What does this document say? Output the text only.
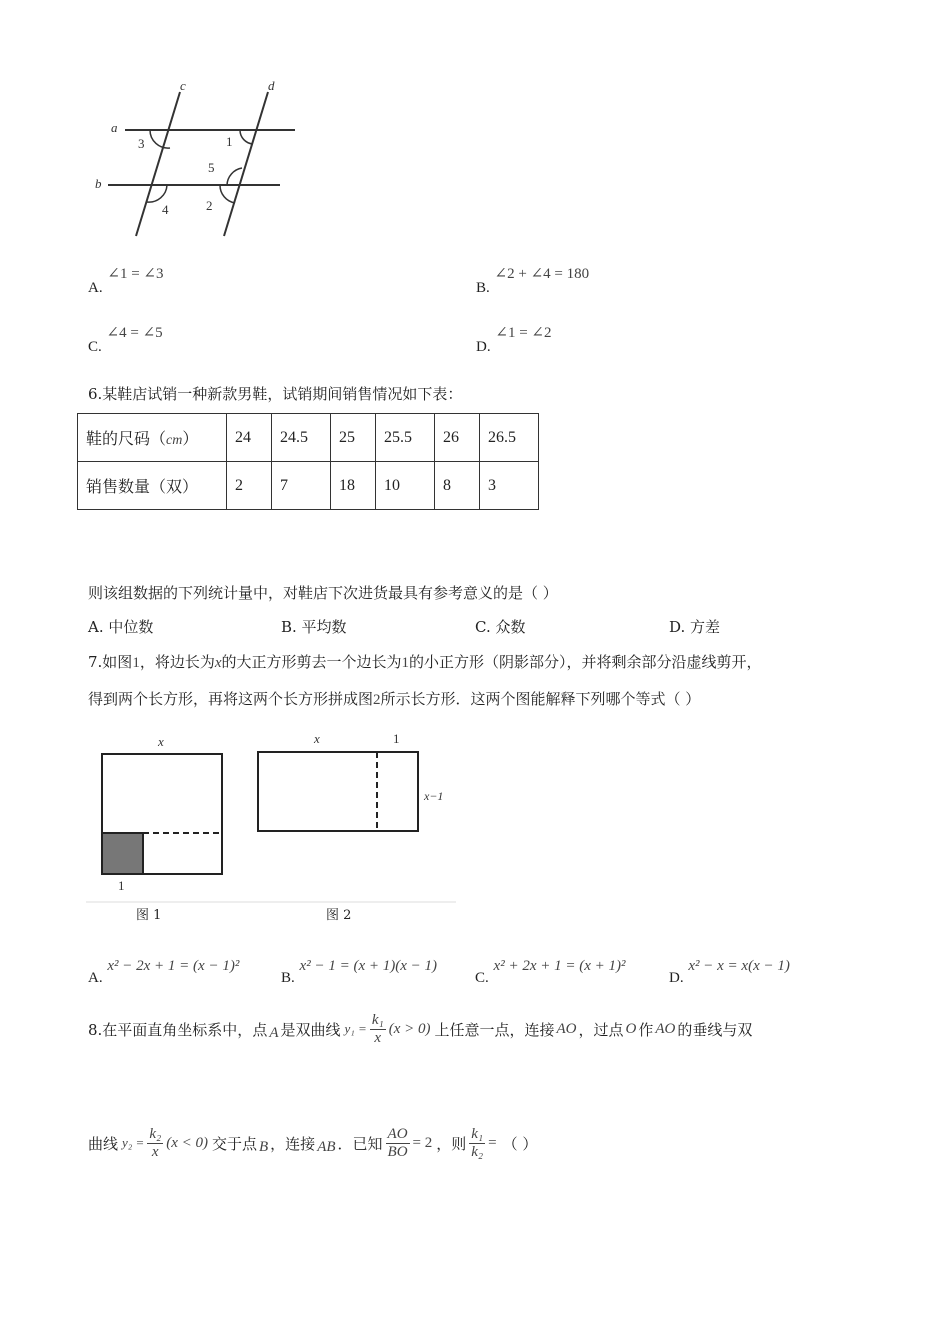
a
b
c	d
1
3
5
4	2
A. ∠1 = ∠3
B. ∠2 + ∠4 = 180
C. ∠4 = ∠5
D. ∠1 = ∠2
6.某鞋店试销一种新款男鞋，试销期间销售情况如下表：
鞋的尺码（cm）	24	24.5	25	25.5	26	26.5
销售数量（双）	2	7	18	10	8	3
则该组数据的下列统计量中，对鞋店下次进货最具有参考意义的是（ ）
A. 中位数	B. 平均数	C. 众数	D. 方差
7.如图1，将边长为x的大正方形剪去一个边长为1的小正方形（阴影部分），并将剩余部分沿虚线剪开，
得到两个长方形，再将这两个长方形拼成图2所示长方形．这两个图能解释下列哪个等式（ ）
x
1
x	1
x−1
图 1	图 2
A. x² − 2x + 1 = (x − 1)²
B. x² − 1 = (x + 1)(x − 1)
C. x² + 2x + 1 = (x + 1)²
D. x² − x = x(x − 1)
8.在平面直角坐标系中，点 A 是双曲线 $y_1 = \frac{\text{k₁}}{x} (x > 0)$ 上任意一点，连接 AO ，过点 O 作 AO 的垂线与双
曲线 $y_2 = \frac{\text{k₂}}{x} (x < 0)$ 交于点 B ，连接 AB ．已知 $\frac{AO}{BO} = 2$ ，则 $\frac{\text{k₁}}{\text{k₂}}$ = （ ）
